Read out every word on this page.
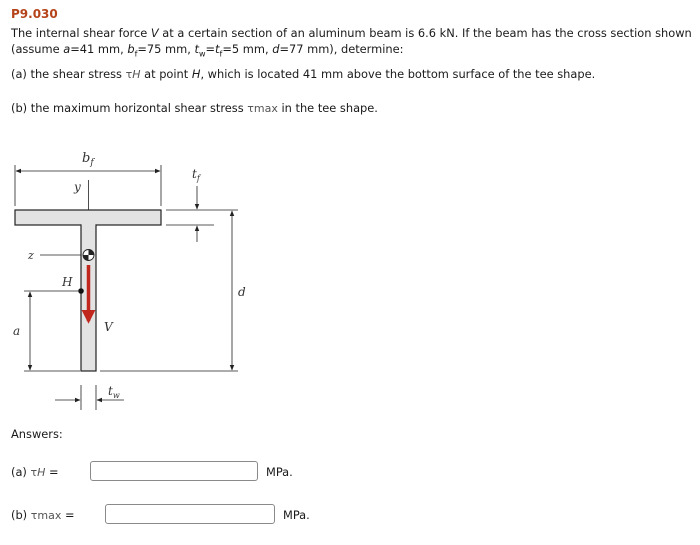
P9.030
The internal shear force V at a certain section of an aluminum beam is 6.6 kN. If the beam has the cross section shown
(assume a=41 mm, $b_f=75$ mm, $t_w=t_f=5$ mm, d=77 mm), determine:
(a) the shear stress τH at point H, which is located 41 mm above the bottom surface of the tee shape.
(b) the maximum horizontal shear stress τmax in the tee shape.
$b_f$
y
z
V
H
a
$t_f$
d
$t_w$
Answers:
(a) τH =	MPa.
(b) τmax =	MPa.
